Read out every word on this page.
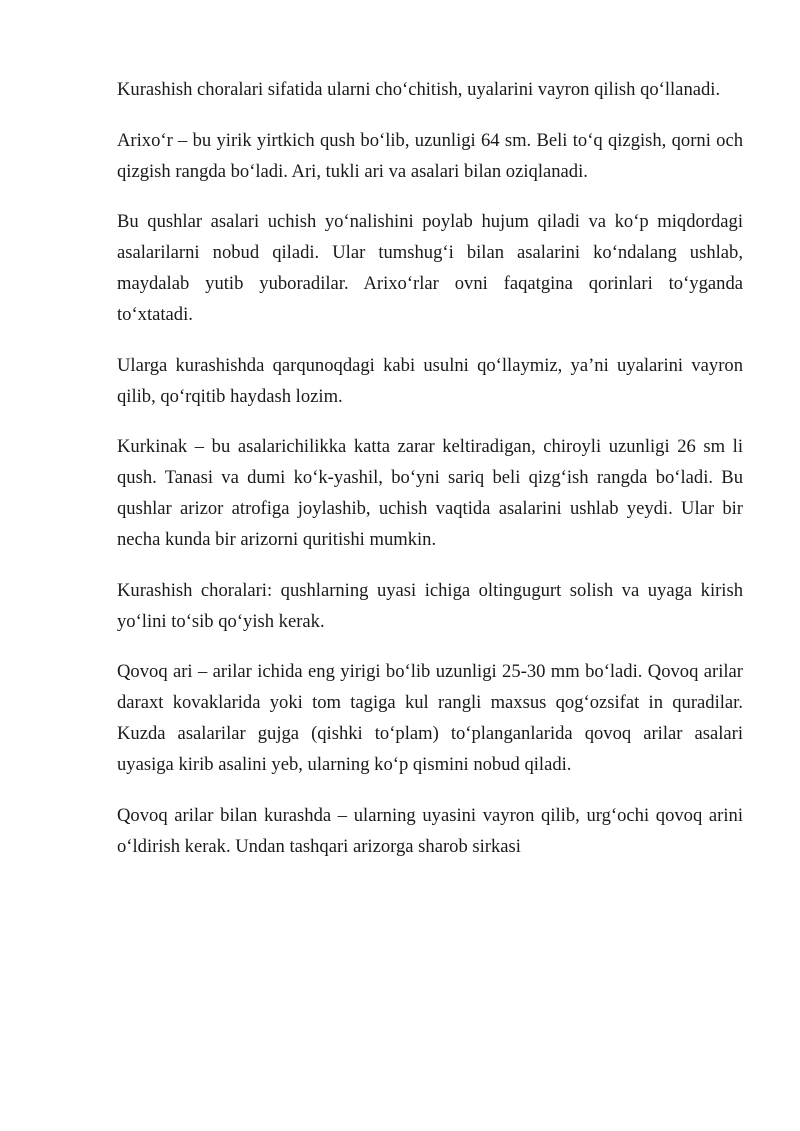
Kurashish choralari sifatida ularni cho‘chitish, uyalarini vayron qilish qo‘llanadi.

Arixo‘r – bu yirik yirtkich qush bo‘lib, uzunligi 64 sm. Beli to‘q qizgish, qorni och qizgish rangda bo‘ladi. Ari, tukli ari va asalari bilan oziqlanadi.

Bu qushlar asalari uchish yo‘nalishini poylab hujum qiladi va ko‘p miqdordagi asalarilarni nobud qiladi. Ular tumshug‘i bilan asalarini ko‘ndalang ushlab, maydalab yutib yuboradilar. Arixo‘rlar ovni faqatgina qorinlari to‘yganda to‘xtatadi.

Ularga kurashishda qarqunoqdagi kabi usulni qo‘llaymiz, ya’ni uyalarini vayron qilib, qo‘rqitib haydash lozim.

Kurkinak – bu asalarichilikka katta zarar keltiradigan, chiroyli uzunligi 26 sm li qush. Tanasi va dumi ko‘k-yashil, bo‘yni sariq beli qizg‘ish rangda bo‘ladi. Bu qushlar arizor atrofiga joylashib, uchish vaqtida asalarini ushlab yeydi. Ular bir necha kunda bir arizorni quritishi mumkin.

Kurashish choralari: qushlarning uyasi ichiga oltingugurt solish va uyaga kirish yo‘lini to‘sib qo‘yish kerak.

Qovoq ari – arilar ichida eng yirigi bo‘lib uzunligi 25-30 mm bo‘ladi. Qovoq arilar daraxt kovaklarida yoki tom tagiga kul rangli maxsus qog‘ozsifat in quradilar. Kuzda asalarilar gujga (qishki to‘plam) to‘planganlarida qovoq arilar asalari uyasiga kirib asalini yeb, ularning ko‘p qismini nobud qiladi.

Qovoq arilar bilan kurashda – ularning uyasini vayron qilib, urg‘ochi qovoq arini o‘ldirish kerak. Undan tashqari arizorga sharob sirkasi
